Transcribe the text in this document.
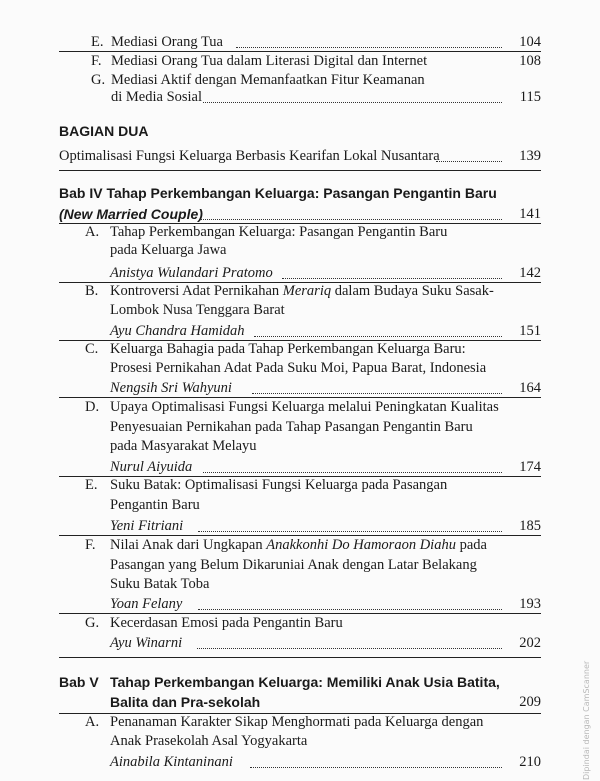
E. Mediasi Orang Tua	104
F. Mediasi Orang Tua dalam Literasi Digital dan Internet	108
G. Mediasi Aktif dengan Memanfaatkan Fitur Keamanan
di Media Sosial	115
BAGIAN DUA
Optimalisasi Fungsi Keluarga Berbasis Kearifan Lokal Nusantara	139
Bab IV Tahap Perkembangan Keluarga: Pasangan Pengantin Baru
(New Married Couple)	141
A. Tahap Perkembangan Keluarga: Pasangan Pengantin Baru
pada Keluarga Jawa
Anistya Wulandari Pratomo	142
B. Kontroversi Adat Pernikahan Merariq dalam Budaya Suku Sasak-
Lombok Nusa Tenggara Barat
Ayu Chandra Hamidah	151
C. Keluarga Bahagia pada Tahap Perkembangan Keluarga Baru:
Prosesi Pernikahan Adat Pada Suku Moi, Papua Barat, Indonesia
Nengsih Sri Wahyuni	164
D. Upaya Optimalisasi Fungsi Keluarga melalui Peningkatan Kualitas
Penyesuaian Pernikahan pada Tahap Pasangan Pengantin Baru
pada Masyarakat Melayu
Nurul Aiyuida	174
E. Suku Batak: Optimalisasi Fungsi Keluarga pada Pasangan
Pengantin Baru
Yeni Fitriani	185
F. Nilai Anak dari Ungkapan Anakkonhi Do Hamoraon Diahu pada
Pasangan yang Belum Dikaruniai Anak dengan Latar Belakang
Suku Batak Toba
Yoan Felany	193
G. Kecerdasan Emosi pada Pengantin Baru
Ayu Winarni	202
Bab V Tahap Perkembangan Keluarga: Memiliki Anak Usia Batita,
Balita dan Pra-sekolah	209
A. Penanaman Karakter Sikap Menghormati pada Keluarga dengan
Anak Prasekolah Asal Yogyakarta
Ainabila Kintaninani	210	Dipindai dengan CamScanner
